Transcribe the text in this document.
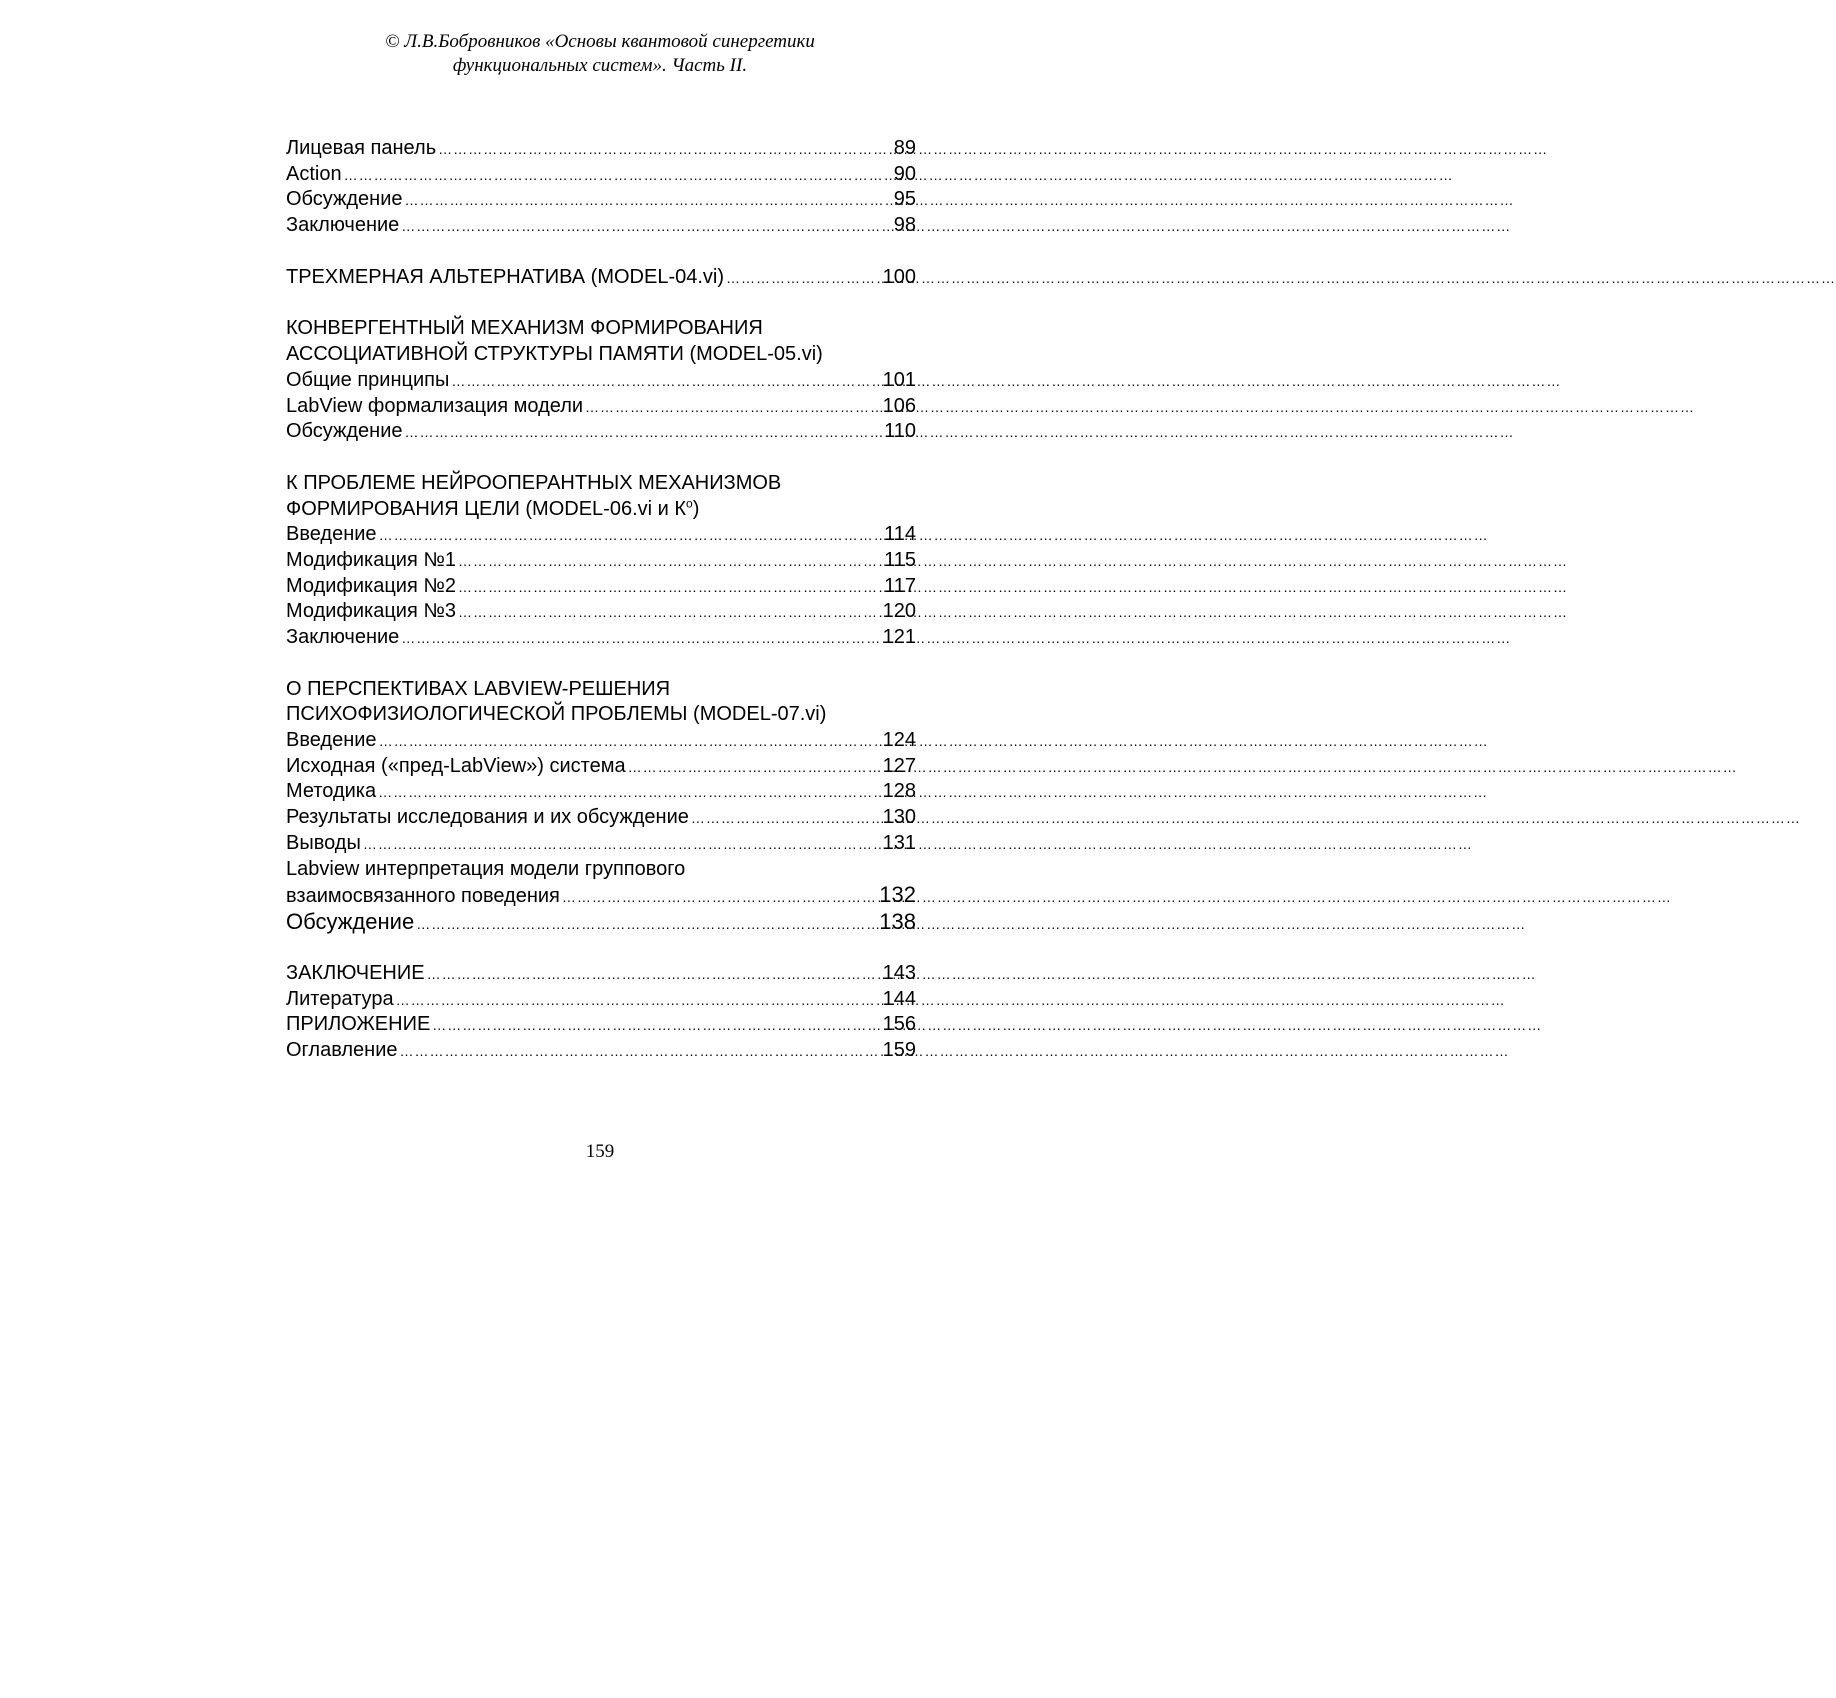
© Л.В.Бобровников «Основы квантовой синергетики
функциональных систем». Часть II.
Лицевая панель ……………………………………………………………………………………………………………………………………………………………………………………………………	89
Action ……………………………………………………………………………………………………………………………………………………………………………………………………	90
Обсуждение ……………………………………………………………………………………………………………………………………………………………………………………………………	95
Заключение ……………………………………………………………………………………………………………………………………………………………………………………………………	98
ТРЕХМЕРНАЯ АЛЬТЕРНАТИВА (MODEL-04.vi) ……………………………………………………………………………………………………………………………………………………………………………………………………	100
КОНВЕРГЕНТНЫЙ МЕХАНИЗМ ФОРМИРОВАНИЯ
АССОЦИАТИВНОЙ СТРУКТУРЫ ПАМЯТИ (MODEL-05.vi)
Общие принципы ……………………………………………………………………………………………………………………………………………………………………………………………………	101
LabView формализация модели ……………………………………………………………………………………………………………………………………………………………………………………………………	106
Обсуждение ……………………………………………………………………………………………………………………………………………………………………………………………………	110
К ПРОБЛЕМЕ НЕЙРООПЕРАНТНЫХ МЕХАНИЗМОВ
ФОРМИРОВАНИЯ ЦЕЛИ (MODEL-06.vi и $К^о$)
Введение ……………………………………………………………………………………………………………………………………………………………………………………………………	114
Модификация №1 ……………………………………………………………………………………………………………………………………………………………………………………………………	115
Модификация №2 ……………………………………………………………………………………………………………………………………………………………………………………………………	117
Модификация №3 ……………………………………………………………………………………………………………………………………………………………………………………………………	120
Заключение ……………………………………………………………………………………………………………………………………………………………………………………………………	121
О ПЕРСПЕКТИВАХ LABVIEW-РЕШЕНИЯ
ПСИХОФИЗИОЛОГИЧЕСКОЙ ПРОБЛЕМЫ (MODEL-07.vi)
Введение ……………………………………………………………………………………………………………………………………………………………………………………………………	124
Исходная («пред-LabView») система ……………………………………………………………………………………………………………………………………………………………………………………………………	127
Методика ……………………………………………………………………………………………………………………………………………………………………………………………………	128
Результаты исследования и их обсуждение ……………………………………………………………………………………………………………………………………………………………………………………………………	130
Выводы ……………………………………………………………………………………………………………………………………………………………………………………………………	131
Labview интерпретация модели группового
взаимосвязанного поведения ……………………………………………………………………………………………………………………………………………………………………………………………………	132
Обсуждение ……………………………………………………………………………………………………………………………………………………………………………………………………	138
ЗАКЛЮЧЕНИЕ ……………………………………………………………………………………………………………………………………………………………………………………………………	143
Литература ……………………………………………………………………………………………………………………………………………………………………………………………………	144
ПРИЛОЖЕНИЕ ……………………………………………………………………………………………………………………………………………………………………………………………………	156
Оглавление ……………………………………………………………………………………………………………………………………………………………………………………………………	159
159
